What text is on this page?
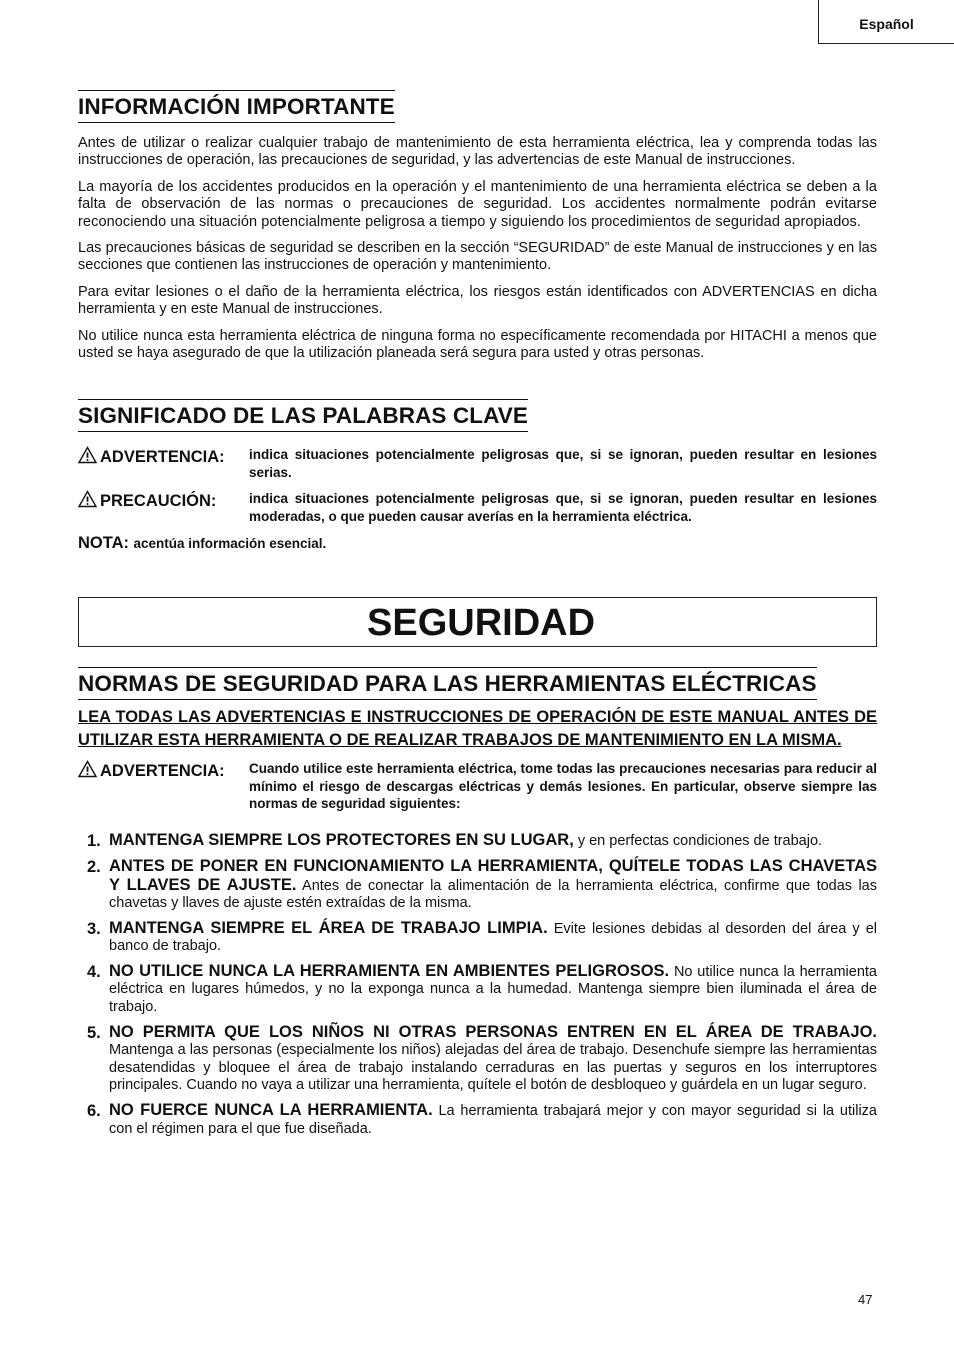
Español
INFORMACIÓN IMPORTANTE

Antes de utilizar o realizar cualquier trabajo de mantenimiento de esta herramienta eléctrica, lea y comprenda todas las instrucciones de operación, las precauciones de seguridad, y las advertencias de este Manual de instrucciones.

La mayoría de los accidentes producidos en la operación y el mantenimiento de una herramienta eléctrica se deben a la falta de observación de las normas o precauciones de seguridad. Los accidentes normalmente podrán evitarse reconociendo una situación potencialmente peligrosa a tiempo y siguiendo los procedimientos de seguridad apropiados.

Las precauciones básicas de seguridad se describen en la sección “SEGURIDAD” de este Manual de instrucciones y en las secciones que contienen las instrucciones de operación y mantenimiento.

Para evitar lesiones o el daño de la herramienta eléctrica, los riesgos están identificados con ADVERTENCIAS en dicha herramienta y en este Manual de instrucciones.

No utilice nunca esta herramienta eléctrica de ninguna forma no específicamente recomendada por HITACHI a menos que usted se haya asegurado de que la utilización planeada será segura para usted y otras personas.

SIGNIFICADO DE LAS PALABRAS CLAVE
ADVERTENCIA: indica situaciones potencialmente peligrosas que, si se ignoran, pueden resultar en lesiones serias.
PRECAUCIÓN: indica situaciones potencialmente peligrosas que, si se ignoran, pueden resultar en lesiones moderadas, o que pueden causar averías en la herramienta eléctrica.
NOTA: acentúa información esencial.
SEGURIDAD
NORMAS DE SEGURIDAD PARA LAS HERRAMIENTAS ELÉCTRICAS

LEA TODAS LAS ADVERTENCIAS E INSTRUCCIONES DE OPERACIÓN DE ESTE MANUAL ANTES DE UTILIZAR ESTA HERRAMIENTA O DE REALIZAR TRABAJOS DE MANTENIMIENTO EN LA MISMA.

ADVERTENCIA: Cuando utilice este herramienta eléctrica, tome todas las precauciones necesarias para reducir al mínimo el riesgo de descargas eléctricas y demás lesiones. En particular, observe siempre las normas de seguridad siguientes:
1. MANTENGA SIEMPRE LOS PROTECTORES EN SU LUGAR, y en perfectas condiciones de trabajo.
2. ANTES DE PONER EN FUNCIONAMIENTO LA HERRAMIENTA, QUÍTELE TODAS LAS CHAVETAS Y LLAVES DE AJUSTE. Antes de conectar la alimentación de la herramienta eléctrica, confirme que todas las chavetas y llaves de ajuste estén extraídas de la misma.
3. MANTENGA SIEMPRE EL ÁREA DE TRABAJO LIMPIA. Evite lesiones debidas al desorden del área y el banco de trabajo.
4. NO UTILICE NUNCA LA HERRAMIENTA EN AMBIENTES PELIGROSOS. No utilice nunca la herramienta eléctrica en lugares húmedos, y no la exponga nunca a la humedad. Mantenga siempre bien iluminada el área de trabajo.
5. NO PERMITA QUE LOS NIÑOS NI OTRAS PERSONAS ENTREN EN EL ÁREA DE TRABAJO. Mantenga a las personas (especialmente los niños) alejadas del área de trabajo. Desenchufe siempre las herramientas desatendidas y bloquee el área de trabajo instalando cerraduras en las puertas y seguros en los interruptores principales. Cuando no vaya a utilizar una herramienta, quítele el botón de desbloqueo y guárdela en un lugar seguro.
6. NO FUERCE NUNCA LA HERRAMIENTA. La herramienta trabajará mejor y con mayor seguridad si la utiliza con el régimen para el que fue diseñada.
47
